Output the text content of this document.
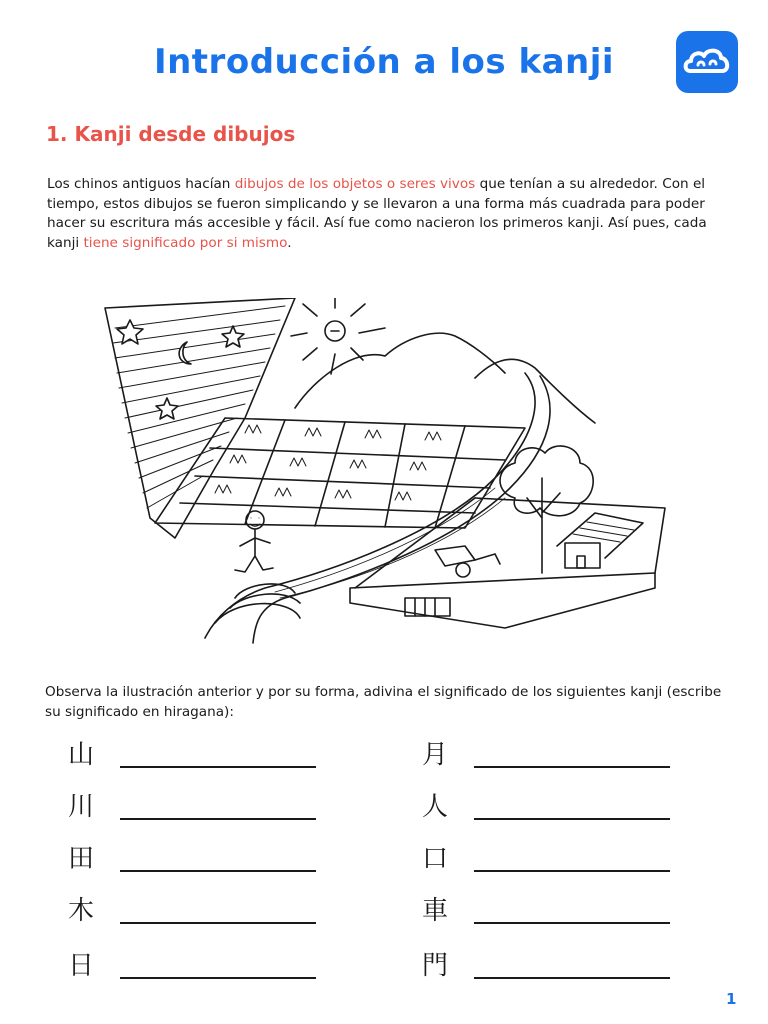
Introducción a los kanji
1. Kanji desde dibujos
Los chinos antiguos hacían dibujos de los objetos o seres vivos que tenían a su alrededor. Con el tiempo, estos dibujos se fueron simplicando y se llevaron a una forma más cuadrada para poder hacer su escritura más accesible y fácil. Así fue como nacieron los primeros kanji. Así pues, cada kanji tiene significado por si mismo.
Observa la ilustración anterior y por su forma, adivina el significado de los siguientes kanji (escribe su significado en hiragana):
山
川
田
木
日
月
人
口
車
門
1
